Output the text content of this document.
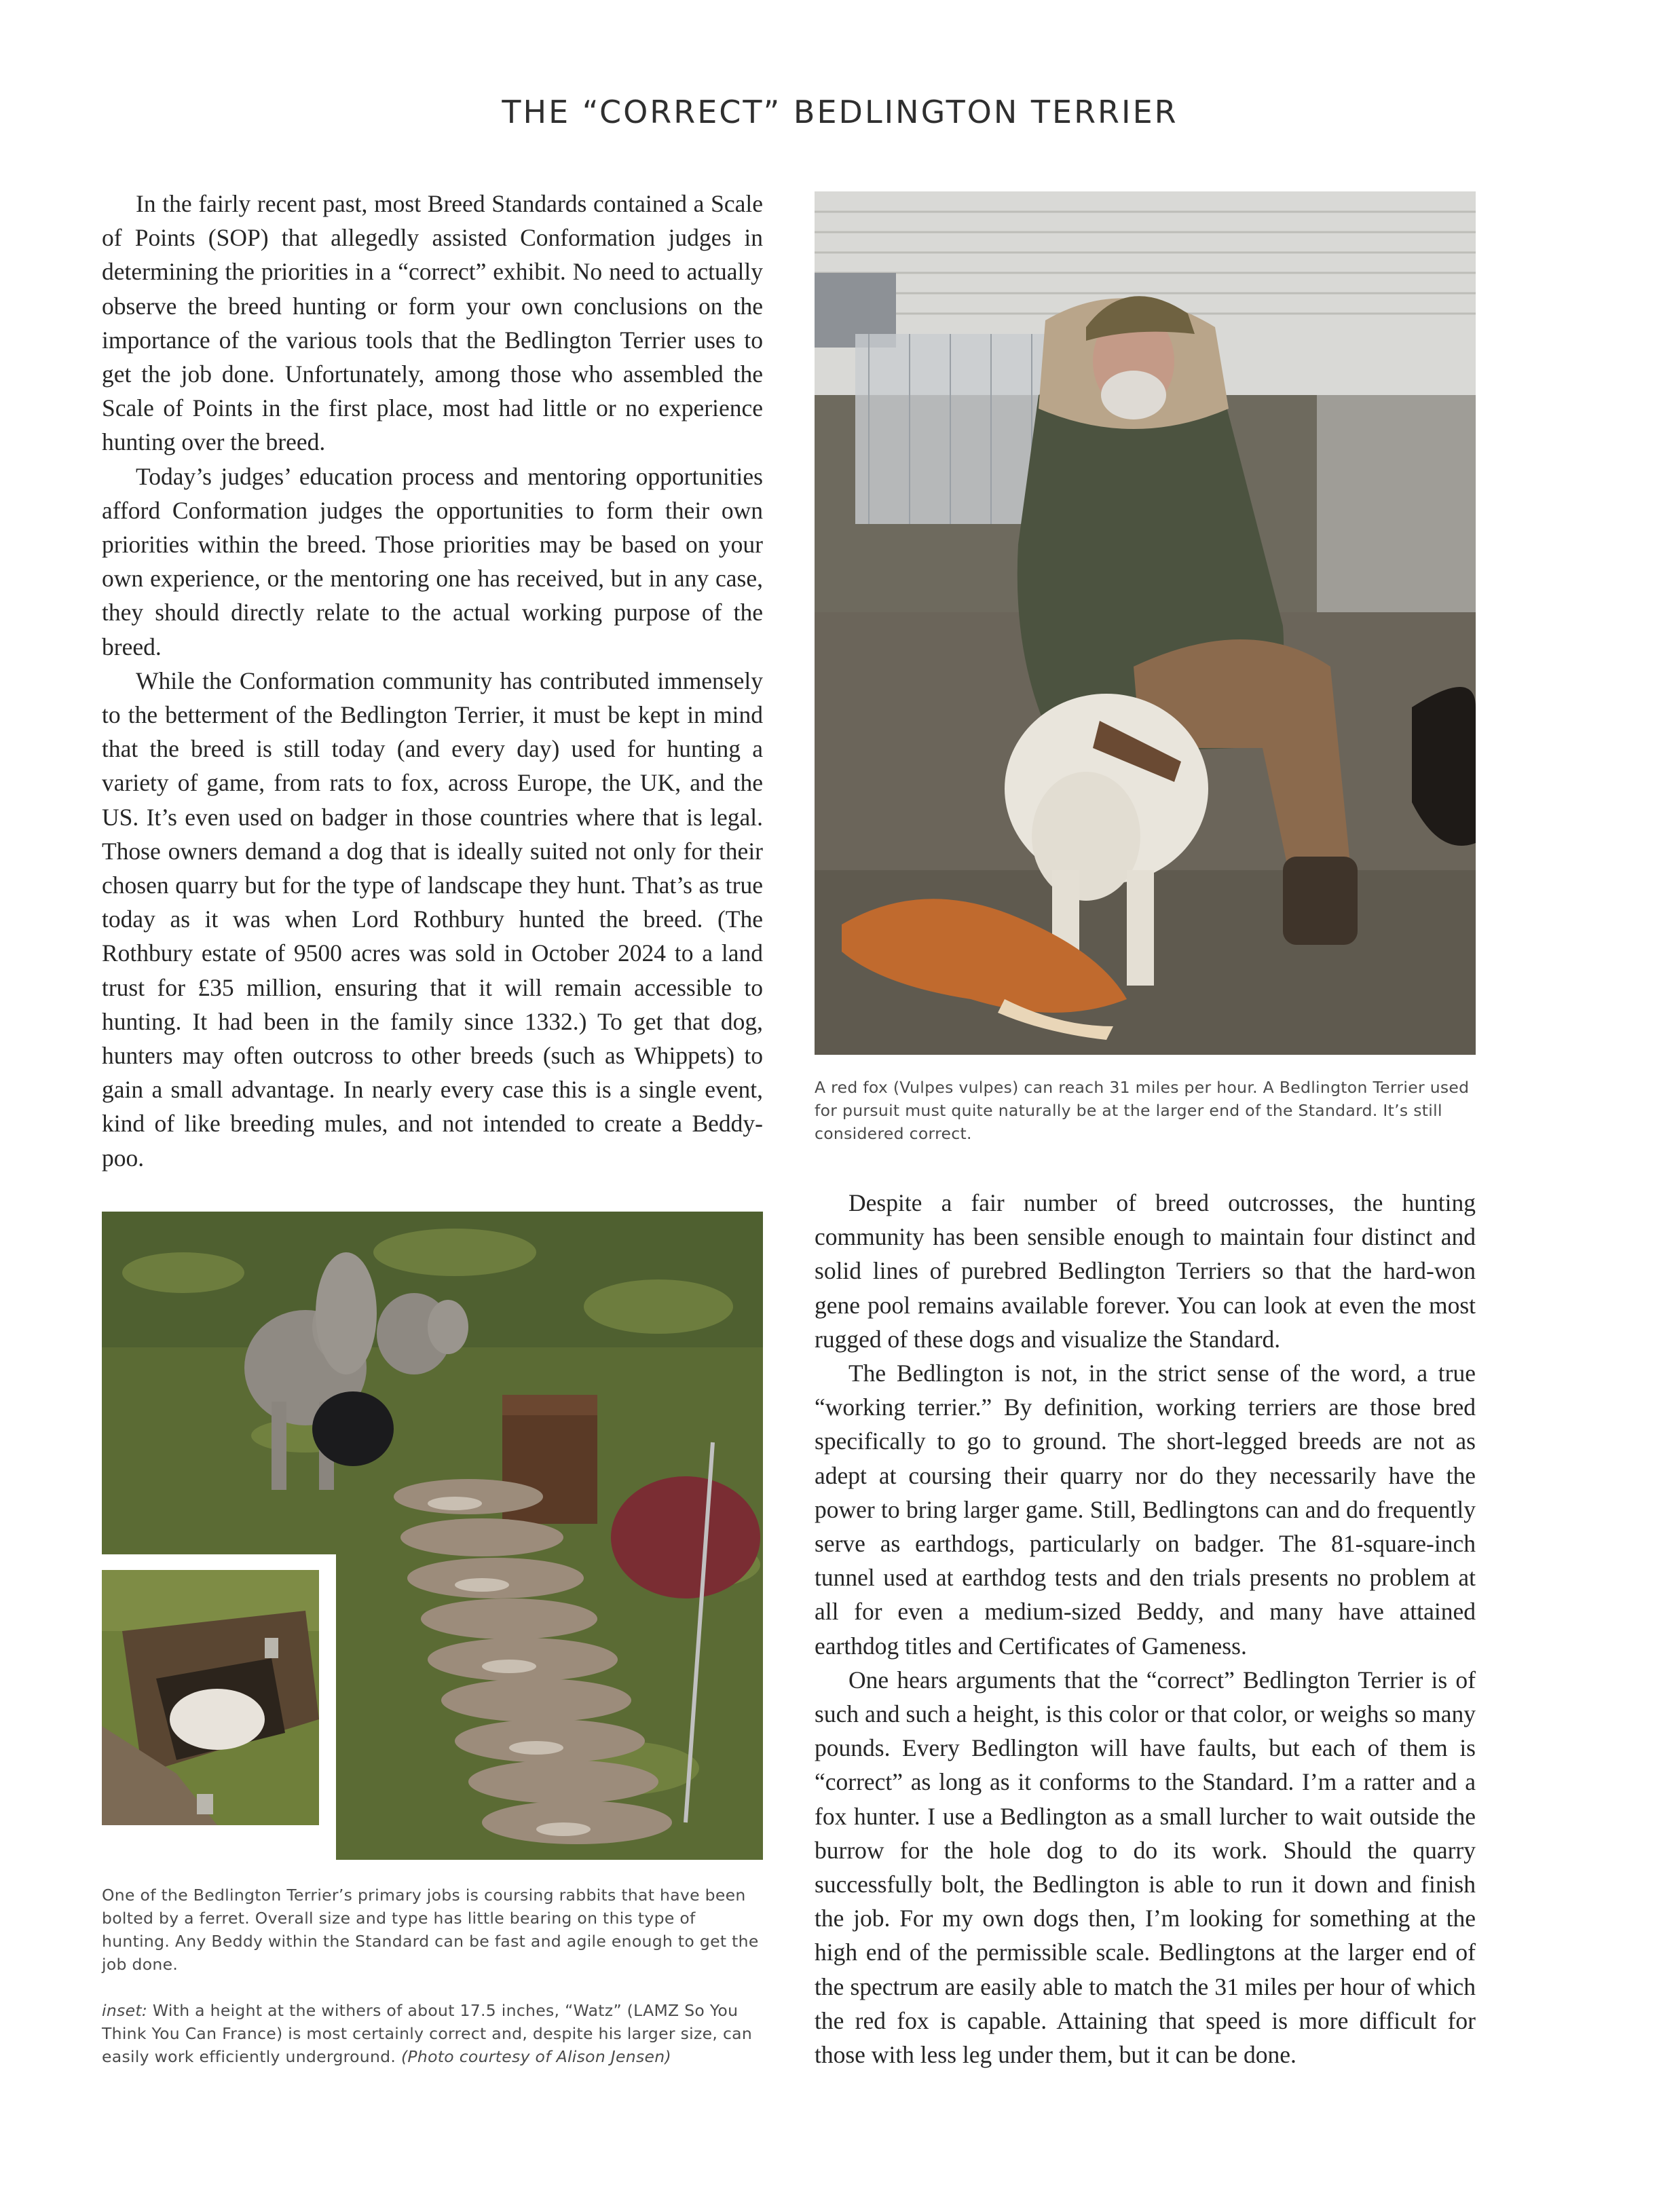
THE “CORRECT” BEDLINGTON TERRIER

In the fairly recent past, most Breed Standards contained a Scale of Points (SOP) that allegedly assisted Conformation judges in determining the priorities in a “correct” exhibit. No need to actually observe the breed hunting or form your own conclusions on the importance of the various tools that the Bedlington Terrier uses to get the job done. Unfortunately, among those who assembled the Scale of Points in the first place, most had little or no experience hunting over the breed.

Today’s judges’ education process and mentoring opportunities afford Conformation judges the opportunities to form their own priorities within the breed. Those priorities may be based on your own experience, or the mentoring one has received, but in any case, they should directly relate to the actual working purpose of the breed.

While the Conformation community has contributed immensely to the betterment of the Bedlington Terrier, it must be kept in mind that the breed is still today (and every day) used for hunting a variety of game, from rats to fox, across Europe, the UK, and the US. It’s even used on badger in those countries where that is legal. Those owners demand a dog that is ideally suited not only for their chosen quarry but for the type of landscape they hunt. That’s as true today as it was when Lord Rothbury hunted the breed. (The Rothbury estate of 9500 acres was sold in October 2024 to a land trust for £35 million, ensuring that it will remain accessible to hunting. It had been in the family since 1332.) To get that dog, hunters may often outcross to other breeds (such as Whippets) to gain a small advantage. In nearly every case this is a single event, kind of like breeding mules, and not intended to create a Beddy-poo.

A red fox (Vulpes vulpes) can reach 31 miles per hour. A Bedlington Terrier used for pursuit must quite naturally be at the larger end of the Standard. It’s still considered correct.
One of the Bedlington Terrier’s primary jobs is coursing rabbits that have been bolted by a ferret. Overall size and type has little bearing on this type of hunting. Any Beddy within the Standard can be fast and agile enough to get the job done.
inset: With a height at the withers of about 17.5 inches, “Watz” (LAMZ So You Think You Can France) is most certainly correct and, despite his larger size, can easily work efficiently underground. (Photo courtesy of Alison Jensen)

Despite a fair number of breed outcrosses, the hunting community has been sensible enough to maintain four distinct and solid lines of purebred Bedlington Terriers so that the hard-won gene pool remains available forever. You can look at even the most rugged of these dogs and visualize the Standard.

The Bedlington is not, in the strict sense of the word, a true “working terrier.” By definition, working terriers are those bred specifically to go to ground. The short-legged breeds are not as adept at coursing their quarry nor do they necessarily have the power to bring larger game. Still, Bedlingtons can and do frequently serve as earthdogs, particularly on badger. The 81-square-inch tunnel used at earthdog tests and den trials presents no problem at all for even a medium-sized Beddy, and many have attained earthdog titles and Certificates of Gameness.

One hears arguments that the “correct” Bedlington Terrier is of such and such a height, is this color or that color, or weighs so many pounds. Every Bedlington will have faults, but each of them is “correct” as long as it conforms to the Standard. I’m a ratter and a fox hunter. I use a Bedlington as a small lurcher to wait outside the burrow for the hole dog to do its work. Should the quarry successfully bolt, the Bedlington is able to run it down and finish the job. For my own dogs then, I’m looking for something at the high end of the permissible scale. Bedlingtons at the larger end of the spectrum are easily able to match the 31 miles per hour of which the red fox is capable. Attaining that speed is more difficult for those with less leg under them, but it can be done.
